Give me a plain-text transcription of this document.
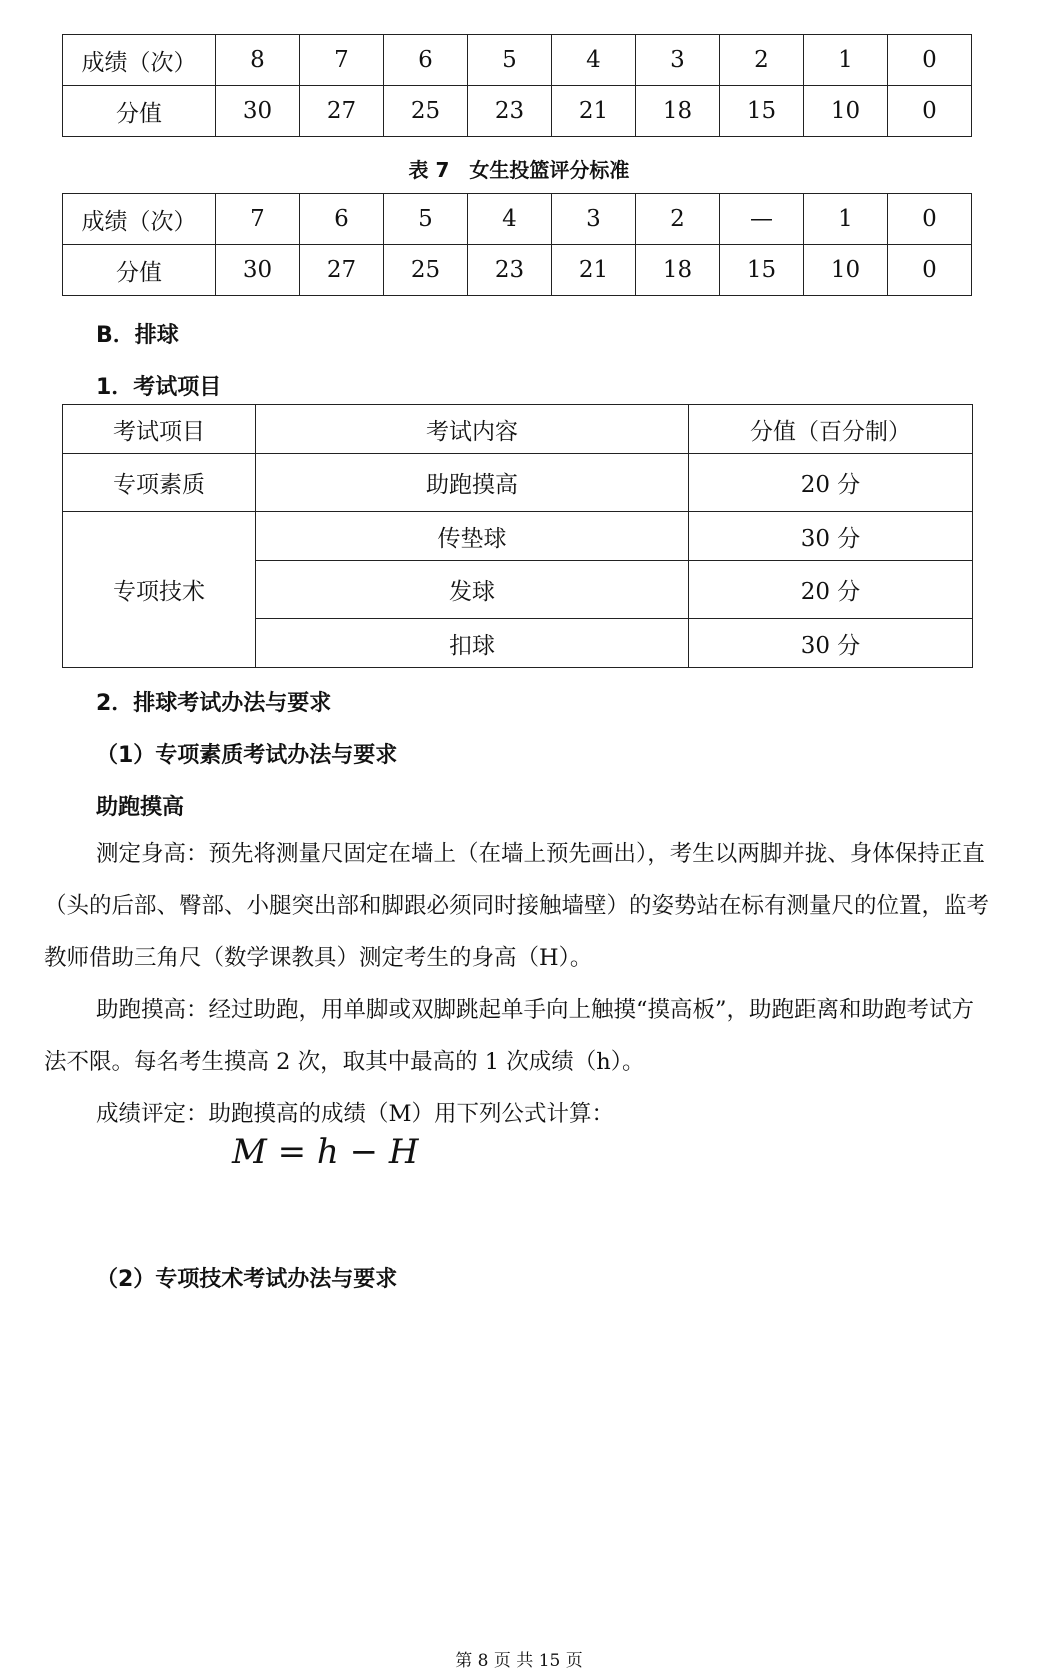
成绩（次）	8	7	6	5	4	3	2	1	0
分值	30	27	25	23	21	18	15	10	0
表 7　女生投篮评分标准
成绩（次）	7	6	5	4	3	2	—	1	0
分值	30	27	25	23	21	18	15	10	0
B．排球
1．考试项目
考试项目	考试内容	分值（百分制）
专项素质	助跑摸高	20 分
专项技术	传垫球	30 分
	发球	20 分
	扣球	30 分
2．排球考试办法与要求
（1）专项素质考试办法与要求
助跑摸高

测定身高：预先将测量尺固定在墙上（在墙上预先画出），考生以两脚并拢、身体保持正直（头的后部、臀部、小腿突出部和脚跟必须同时接触墙壁）的姿势站在标有测量尺的位置，监考教师借助三角尺（数学课教具）测定考生的身高（H）。

助跑摸高：经过助跑，用单脚或双脚跳起单手向上触摸“摸高板”，助跑距离和助跑考试方法不限。每名考生摸高 2 次，取其中最高的 1 次成绩（h）。

成绩评定：助跑摸高的成绩（M）用下列公式计算：

M = h − H
（2）专项技术考试办法与要求
第 8 页 共 15 页
